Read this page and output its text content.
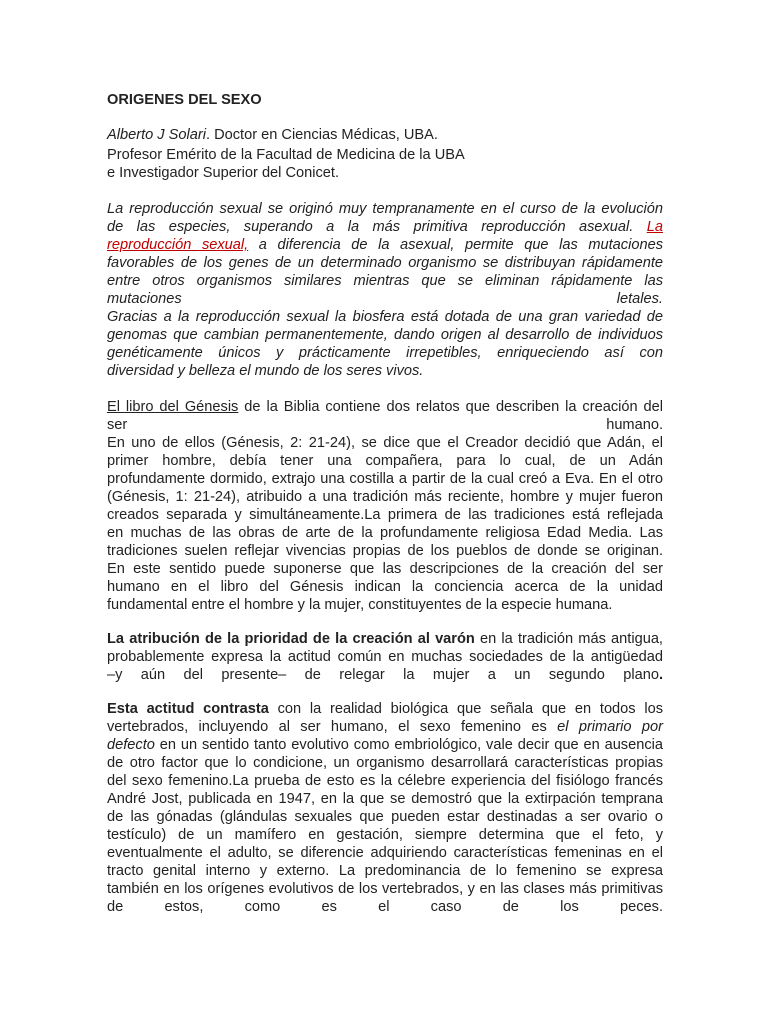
ORIGENES DEL SEXO
Alberto J Solari. Doctor en Ciencias Médicas, UBA.
Profesor Emérito de la Facultad de Medicina de la UBA
e Investigador Superior del Conicet.
La reproducción sexual se originó muy tempranamente en el curso de la evolución
de las especies, superando a la más primitiva reproducción asexual. La
reproducción sexual, a diferencia de la asexual, permite que las mutaciones
favorables de los genes de un determinado organismo se distribuyan rápidamente
entre otros organismos similares mientras que se eliminan rápidamente las
mutaciones letales.
Gracias a la reproducción sexual la biosfera está dotada de una gran variedad de
genomas que cambian permanentemente, dando origen al desarrollo de individuos
genéticamente únicos y prácticamente irrepetibles, enriqueciendo así con
diversidad y belleza el mundo de los seres vivos.
El libro del Génesis de la Biblia contiene dos relatos que describen la creación del
ser humano.
En uno de ellos (Génesis, 2: 21-24), se dice que el Creador decidió que Adán, el
primer hombre, debía tener una compañera, para lo cual, de un Adán
profundamente dormido, extrajo una costilla a partir de la cual creó a Eva. En el otro
(Génesis, 1: 21-24), atribuido a una tradición más reciente, hombre y mujer fueron
creados separada y simultáneamente.La primera de las tradiciones está reflejada
en muchas de las obras de arte de la profundamente religiosa Edad Media. Las
tradiciones suelen reflejar vivencias propias de los pueblos de donde se originan.
En este sentido puede suponerse que las descripciones de la creación del ser
humano en el libro del Génesis indican la conciencia acerca de la unidad
fundamental entre el hombre y la mujer, constituyentes de la especie humana.
La atribución de la prioridad de la creación al varón en la tradición más antigua,
probablemente expresa la actitud común en muchas sociedades de la antigüedad
–y aún del presente– de relegar la mujer a un segundo plano.
Esta actitud contrasta con la realidad biológica que señala que en todos los
vertebrados, incluyendo al ser humano, el sexo femenino es el primario por
defecto en un sentido tanto evolutivo como embriológico, vale decir que en ausencia
de otro factor que lo condicione, un organismo desarrollará características propias
del sexo femenino.La prueba de esto es la célebre experiencia del fisiólogo francés
André Jost, publicada en 1947, en la que se demostró que la extirpación temprana
de las gónadas (glándulas sexuales que pueden estar destinadas a ser ovario o
testículo) de un mamífero en gestación, siempre determina que el feto, y
eventualmente el adulto, se diferencie adquiriendo características femeninas en el
tracto genital interno y externo. La predominancia de lo femenino se expresa
también en los orígenes evolutivos de los vertebrados, y en las clases más primitivas
de estos, como es el caso de los peces.
